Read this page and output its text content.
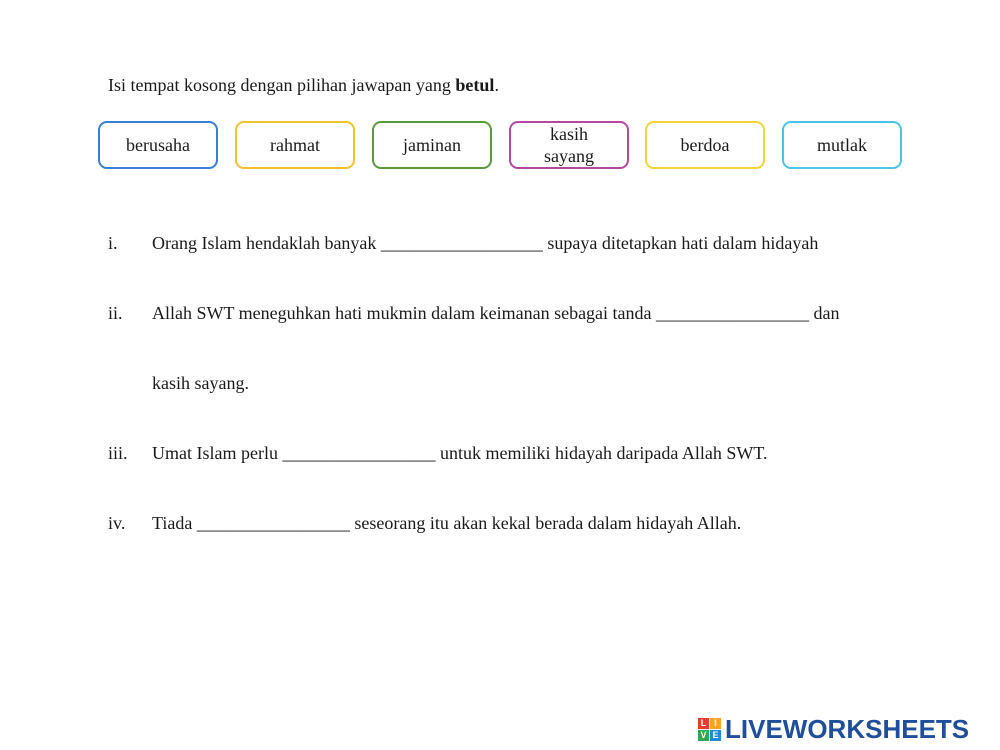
Isi tempat kosong dengan pilihan jawapan yang betul.
berusaha	rahmat	jaminan
kasih sayang
berdoa	mutlak
i. Orang Islam hendaklah banyak __________________ supaya ditetapkan hati dalam hidayah
ii. Allah SWT meneguhkan hati mukmin dalam keimanan sebagai tanda _________________ dan
kasih sayang.
iii. Umat Islam perlu _________________ untuk memiliki hidayah daripada Allah SWT.
iv. Tiada _________________ seseorang itu akan kekal berada dalam hidayah Allah.
L I
V E LIVEWORKSHEETS
